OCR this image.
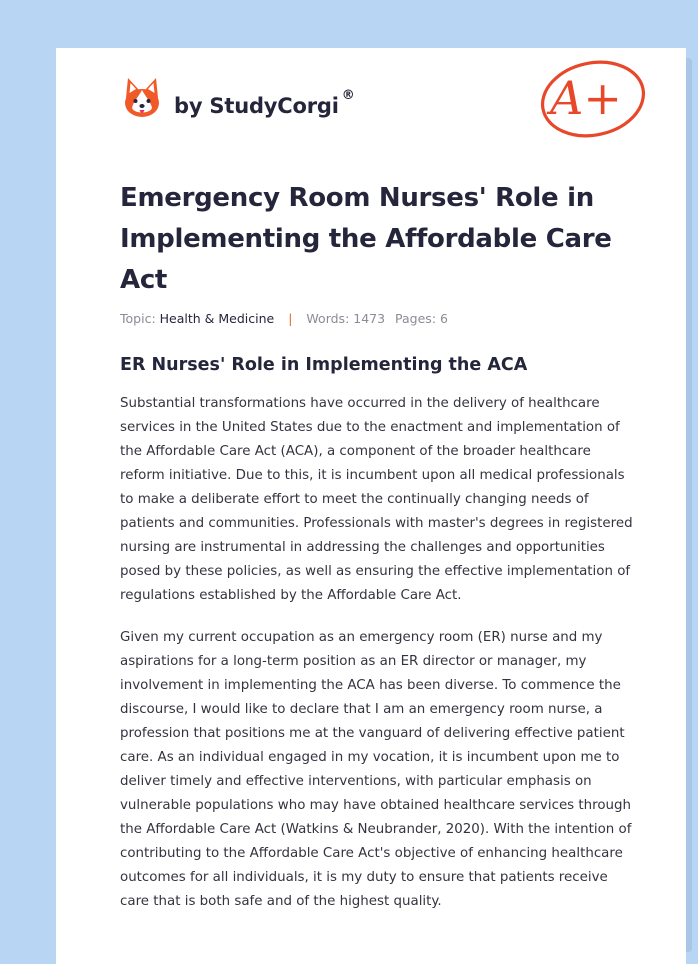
by StudyCorgi ®	A+
Emergency Room Nurses' Role in Implementing the Affordable Care Act
Topic: Health & Medicine | Words: 1473 Pages: 6
ER Nurses' Role in Implementing the ACA

Substantial transformations have occurred in the delivery of healthcare services in the United States due to the enactment and implementation of the Affordable Care Act (ACA), a component of the broader healthcare reform initiative. Due to this, it is incumbent upon all medical professionals to make a deliberate effort to meet the continually changing needs of patients and communities. Professionals with master's degrees in registered nursing are instrumental in addressing the challenges and opportunities posed by these policies, as well as ensuring the effective implementation of regulations established by the Affordable Care Act.

Given my current occupation as an emergency room (ER) nurse and my aspirations for a long-term position as an ER director or manager, my involvement in implementing the ACA has been diverse. To commence the discourse, I would like to declare that I am an emergency room nurse, a profession that positions me at the vanguard of delivering effective patient care. As an individual engaged in my vocation, it is incumbent upon me to deliver timely and effective interventions, with particular emphasis on vulnerable populations who may have obtained healthcare services through the Affordable Care Act (Watkins & Neubrander, 2020). With the intention of contributing to the Affordable Care Act's objective of enhancing healthcare outcomes for all individuals, it is my duty to ensure that patients receive care that is both safe and of the highest quality.
